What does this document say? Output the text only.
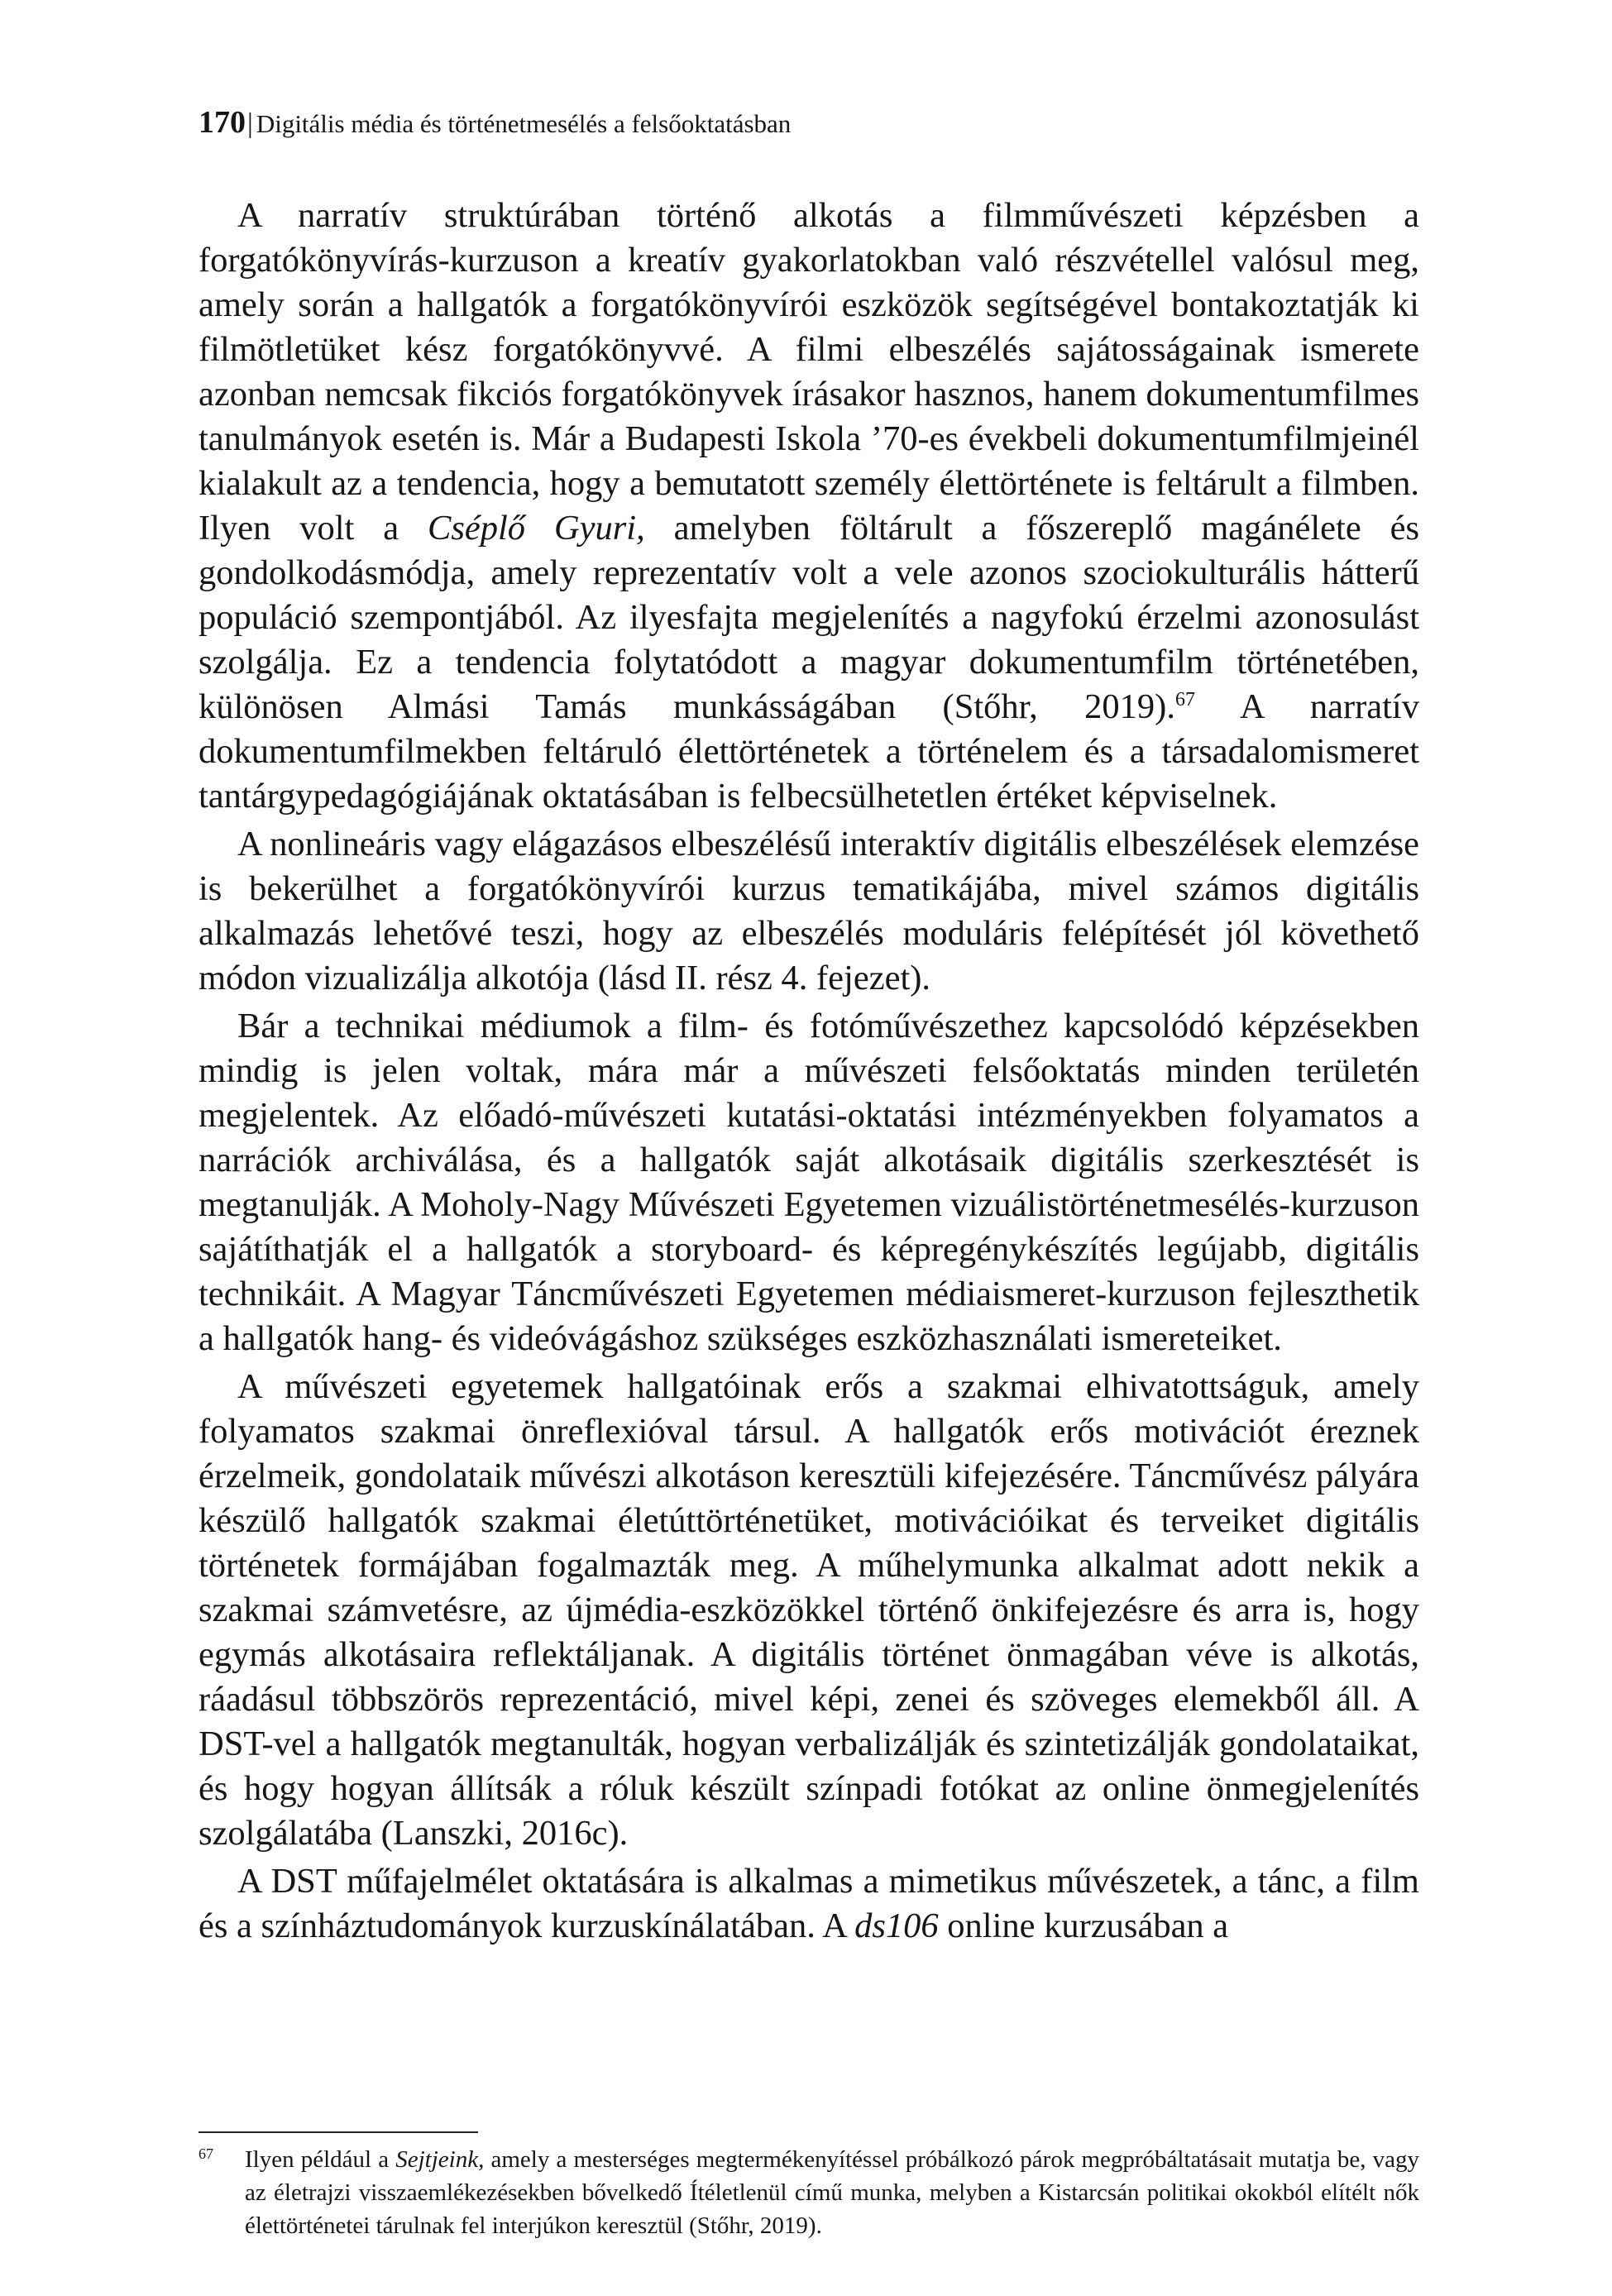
170| Digitális média és történetmesélés a felsőoktatásban

A narratív struktúrában történő alkotás a filmművészeti képzésben a forgatókönyvírás-kurzuson a kreatív gyakorlatokban való részvétellel valósul meg, amely során a hallgatók a forgatókönyvírói eszközök segítségével bontakoztatják ki filmötletüket kész forgatókönyvvé. A filmi elbeszélés sajátosságainak ismerete azonban nemcsak fikciós forgatókönyvek írásakor hasznos, hanem dokumentumfilmes tanulmányok esetén is. Már a Budapesti Iskola ’70-es évekbeli dokumentumfilmjeinél kialakult az a tendencia, hogy a bemutatott személy élettörténete is feltárult a filmben. Ilyen volt a Cséplő Gyuri, amelyben föltárult a főszereplő magánélete és gondolkodásmódja, amely reprezentatív volt a vele azonos szociokulturális hátterű populáció szempontjából. Az ilyesfajta megjelenítés a nagyfokú érzelmi azonosulást szolgálja. Ez a tendencia folytatódott a magyar dokumentumfilm történetében, különösen Almási Tamás munkásságában (Stőhr, 2019).$^{67}$ A narratív dokumentumfilmekben feltáruló élettörténetek a történelem és a társadalomismeret tantárgypedagógiájának oktatásában is felbecsülhetetlen értéket képviselnek.

A nonlineáris vagy elágazásos elbeszélésű interaktív digitális elbeszélések elemzése is bekerülhet a forgatókönyvírói kurzus tematikájába, mivel számos digitális alkalmazás lehetővé teszi, hogy az elbeszélés moduláris felépítését jól követhető módon vizualizálja alkotója (lásd II. rész 4. fejezet).

Bár a technikai médiumok a film- és fotóművészethez kapcsolódó képzésekben mindig is jelen voltak, mára már a művészeti felsőoktatás minden területén megjelentek. Az előadó-művészeti kutatási-oktatási intézményekben folyamatos a narrációk archiválása, és a hallgatók saját alkotásaik digitális szerkesztését is megtanulják. A Moholy-Nagy Művészeti Egyetemen vizuálistörténetmesélés-kurzuson sajátíthatják el a hallgatók a storyboard- és képregénykészítés legújabb, digitális technikáit. A Magyar Táncművészeti Egyetemen médiaismeret-kurzuson fejleszthetik a hallgatók hang- és videóvágáshoz szükséges eszközhasználati ismereteiket.

A művészeti egyetemek hallgatóinak erős a szakmai elhivatottságuk, amely folyamatos szakmai önreflexióval társul. A hallgatók erős motivációt éreznek érzelmeik, gondolataik művészi alkotáson keresztüli kifejezésére. Táncművész pályára készülő hallgatók szakmai életúttörténetüket, motivációikat és terveiket digitális történetek formájában fogalmazták meg. A műhelymunka alkalmat adott nekik a szakmai számvetésre, az újmédia-eszközökkel történő önkifejezésre és arra is, hogy egymás alkotásaira reflektáljanak. A digitális történet önmagában véve is alkotás, ráadásul többszörös reprezentáció, mivel képi, zenei és szöveges elemekből áll. A DST-vel a hallgatók megtanulták, hogyan verbalizálják és szintetizálják gondolataikat, és hogy hogyan állítsák a róluk készült színpadi fotókat az online önmegjelenítés szolgálatába (Lanszki, 2016c).

A DST műfajelmélet oktatására is alkalmas a mimetikus művészetek, a tánc, a film és a színháztudományok kurzuskínálatában. A ds106 online kurzusában a

67 Ilyen például a Sejtjeink, amely a mesterséges megtermékenyítéssel próbálkozó párok megpróbáltatásait mutatja be, vagy az életrajzi visszaemlékezésekben bővelkedő Ítéletlenül című munka, melyben a Kistarcsán politikai okokból elítélt nők élettörténetei tárulnak fel interjúkon keresztül (Stőhr, 2019).
